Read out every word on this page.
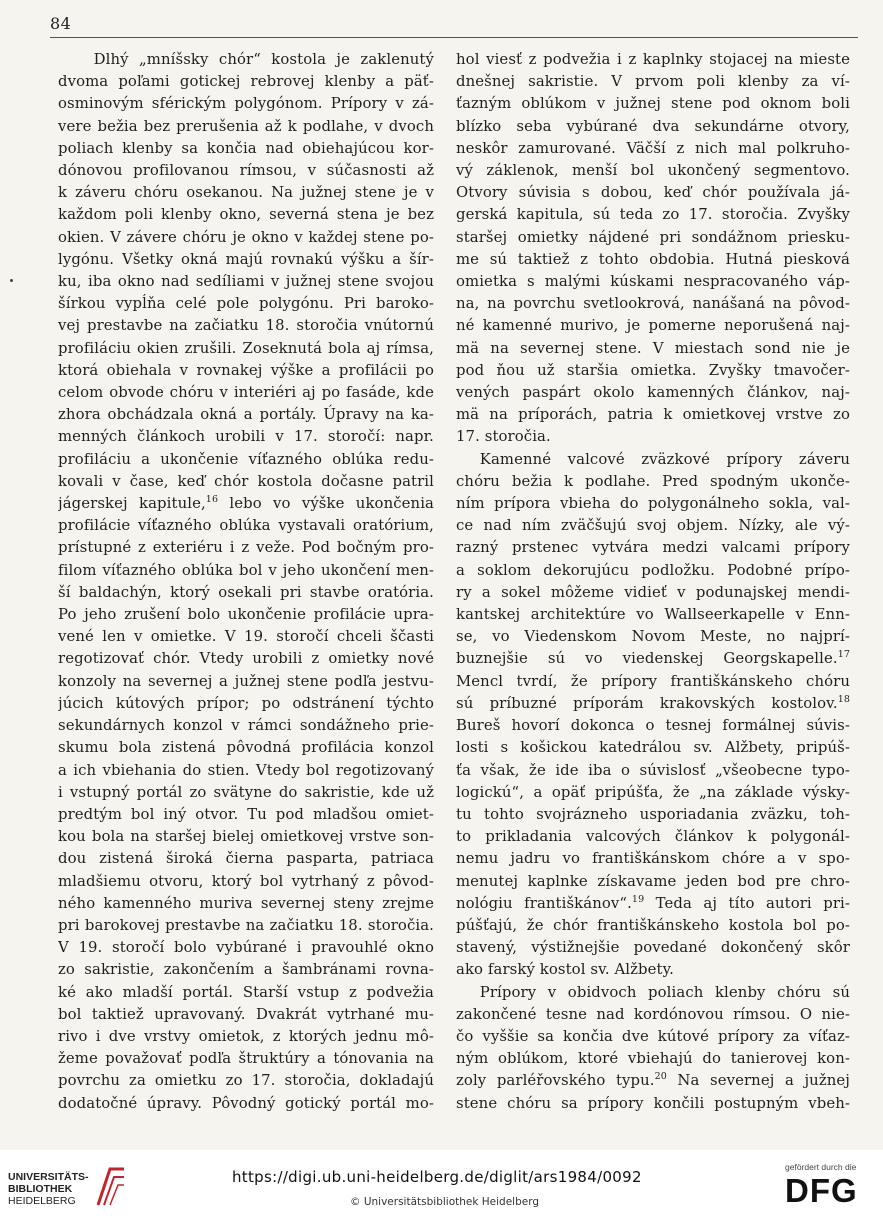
84
Dlhý „mníšsky chór“ kostola je zaklenutý
dvoma poľami gotickej rebrovej klenby a päť-
osminovým sférickým polygónom. Prípory v zá-
vere bežia bez prerušenia až k podlahe, v dvoch
poliach klenby sa končia nad obiehajúcou kor-
dónovou profilovanou rímsou, v súčasnosti až
k záveru chóru osekanou. Na južnej stene je v
každom poli klenby okno, severná stena je bez
okien. V závere chóru je okno v každej stene po-
lygónu. Všetky okná majú rovnakú výšku a šír-
ku, iba okno nad sedíliami v južnej stene svojou
šírkou vypĺňa celé pole polygónu. Pri baroko-
vej prestavbe na začiatku 18. storočia vnútornú
profiláciu okien zrušili. Zoseknutá bola aj rímsa,
ktorá obiehala v rovnakej výške a profilácii po
celom obvode chóru v interiéri aj po fasáde, kde
zhora obchádzala okná a portály. Úpravy na ka-
menných článkoch urobili v 17. storočí: napr.
profiláciu a ukončenie víťazného oblúka redu-
kovali v čase, keď chór kostola dočasne patril
jágerskej kapitule,$^{16}$ lebo vo výške ukončenia
profilácie víťazného oblúka vystavali oratórium,
prístupné z exteriéru i z veže. Pod bočným pro-
filom víťazného oblúka bol v jeho ukončení men-
ší baldachýn, ktorý osekali pri stavbe oratória.
Po jeho zrušení bolo ukončenie profilácie upra-
vené len v omietke. V 19. storočí chceli ščasti
regotizovať chór. Vtedy urobili z omietky nové
konzoly na severnej a južnej stene podľa jestvu-
júcich kútových prípor; po odstránení týchto
sekundárnych konzol v rámci sondážneho prie-
skumu bola zistená pôvodná profilácia konzol
a ich vbiehania do stien. Vtedy bol regotizovaný
i vstupný portál zo svätyne do sakristie, kde už
predtým bol iný otvor. Tu pod mladšou omiet-
kou bola na staršej bielej omietkovej vrstve son-
dou zistená široká čierna pasparta, patriaca
mladšiemu otvoru, ktorý bol vytrhaný z pôvod-
ného kamenného muriva severnej steny zrejme
pri barokovej prestavbe na začiatku 18. storočia.
V 19. storočí bolo vybúrané i pravouhlé okno
zo sakristie, zakončením a šambránami rovna-
ké ako mladší portál. Starší vstup z podvežia
bol taktiež upravovaný. Dvakrát vytrhané mu-
rivo i dve vrstvy omietok, z ktorých jednu mô-
žeme považovať podľa štruktúry a tónovania na
povrchu za omietku zo 17. storočia, dokladajú
dodatočné úpravy. Pôvodný gotický portál mo-
hol viesť z podvežia i z kaplnky stojacej na mieste
dnešnej sakristie. V prvom poli klenby za ví-
ťazným oblúkom v južnej stene pod oknom boli
blízko seba vybúrané dva sekundárne otvory,
neskôr zamurované. Väčší z nich mal polkruho-
vý záklenok, menší bol ukončený segmentovo.
Otvory súvisia s dobou, keď chór používala já-
gerská kapitula, sú teda zo 17. storočia. Zvyšky
staršej omietky nájdené pri sondážnom priesku-
me sú taktiež z tohto obdobia. Hutná piesková
omietka s malými kúskami nespracovaného váp-
na, na povrchu svetlookrová, nanášaná na pôvod-
né kamenné murivo, je pomerne neporušená naj-
mä na severnej stene. V miestach sond nie je
pod ňou už staršia omietka. Zvyšky tmavočer-
vených paspárt okolo kamenných článkov, naj-
mä na príporách, patria k omietkovej vrstve zo
17. storočia.
Kamenné valcové zväzkové prípory záveru
chóru bežia k podlahe. Pred spodným ukonče-
ním prípora vbieha do polygonálneho sokla, val-
ce nad ním zväčšujú svoj objem. Nízky, ale vý-
razný prstenec vytvára medzi valcami prípory
a soklom dekorujúcu podložku. Podobné prípo-
ry a sokel môžeme vidieť v podunajskej mendi-
kantskej architektúre vo Wallseerkapelle v Enn-
se, vo Viedenskom Novom Meste, no najprí-
buznejšie sú vo viedenskej Georgskapelle.$^{17}$
Mencl tvrdí, že prípory františkánskeho chóru
sú príbuzné príporám krakovských kostolov.$^{18}$
Bureš hovorí dokonca o tesnej formálnej súvis-
losti s košickou katedrálou sv. Alžbety, pripúš-
ťa však, že ide iba o súvislosť „všeobecne typo-
logickú“, a opäť pripúšťa, že „na základe výsky-
tu tohto svojrázneho usporiadania zväzku, toh-
to prikladania valcových článkov k polygonál-
nemu jadru vo františkánskom chóre a v spo-
menutej kaplnke získavame jeden bod pre chro-
nológiu františkánov“.$^{19}$ Teda aj títo autori pri-
púšťajú, že chór františkánskeho kostola bol po-
stavený, výstižnejšie povedané dokončený skôr
ako farský kostol sv. Alžbety.
Prípory v obidvoch poliach klenby chóru sú
zakončené tesne nad kordónovou rímsou. O nie-
čo vyššie sa končia dve kútové prípory za víťaz-
ným oblúkom, ktoré vbiehajú do tanierovej kon-
zoly parléřovského typu.$^{20}$ Na severnej a južnej
stene chóru sa prípory končili postupným vbeh-
UNIVERSITÄTS-
BIBLIOTHEK
HEIDELBERG
https://digi.ub.uni-heidelberg.de/diglit/ars1984/0092
© Universitätsbibliothek Heidelberg
gefördert durch die
DFG
